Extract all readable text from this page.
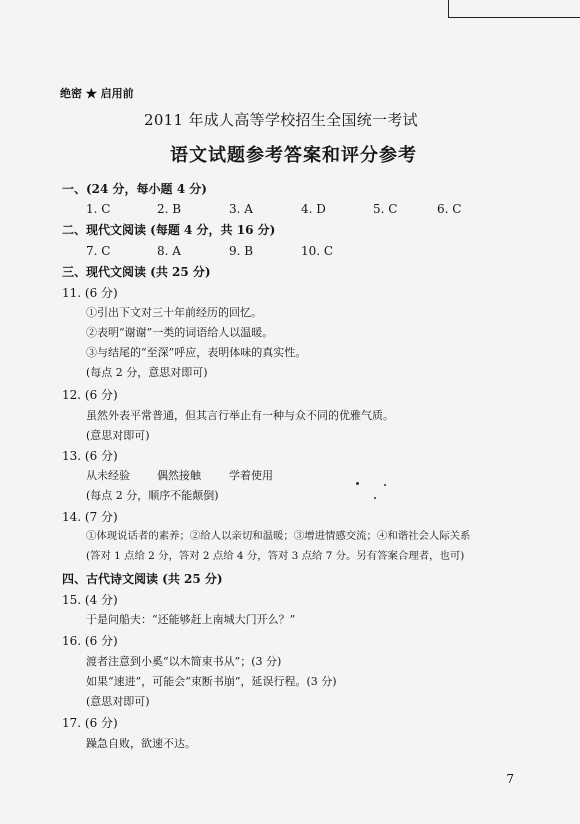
绝密 ★ 启用前
2011 年成人高等学校招生全国统一考试
语文试题参考答案和评分参考
一、(24 分，每小题 4 分)
1. C	2. B	3. A	4. D	5. C	6. C
二、现代文阅读 (每题 4 分，共 16 分)
7. C	8. A	9. B	10. C
三、现代文阅读 (共 25 分)
11. (6 分)
①引出下文对三十年前经历的回忆。
②表明“谢谢”一类的词语给人以温暖。
③与结尾的“至深”呼应，表明体味的真实性。
(每点 2 分，意思对即可)
12. (6 分)
虽然外表平常普通，但其言行举止有一种与众不同的优雅气质。
(意思对即可)
13. (6 分)
从未经验 偶然接触	学着使用
(每点 2 分，顺序不能颠倒)
14. (7 分)
①体现说话者的素养；②给人以亲切和温暖；③增进情感交流；④和谐社会人际关系
(答对 1 点给 2 分，答对 2 点给 4 分，答对 3 点给 7 分。另有答案合理者，也可)
四、古代诗文阅读 (共 25 分)
15. (4 分)
于是问船夫：“还能够赶上南城大门开么？”
16. (6 分)
渡者注意到小奚“以木简束书从”；(3 分)
如果“速进”，可能会“束断书崩”，延误行程。(3 分)
(意思对即可)
17. (6 分)
躁急自败，欲速不达。
7
